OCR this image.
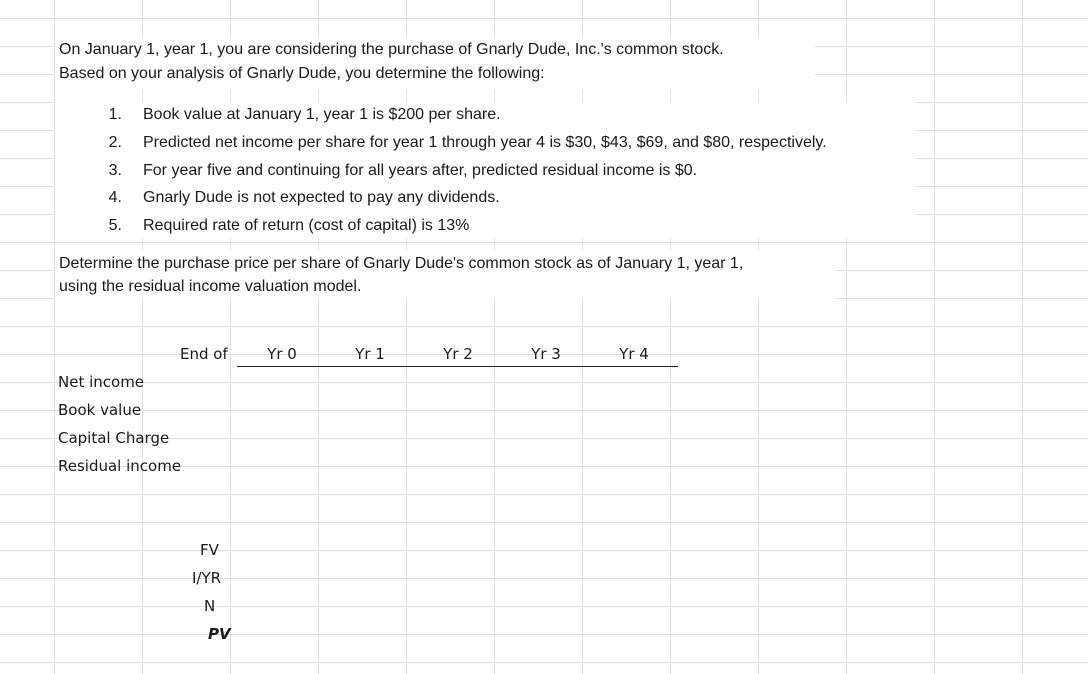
On January 1, year 1, you are considering the purchase of Gnarly Dude, Inc.'s common stock.
Based on your analysis of Gnarly Dude, you determine the following:
1. Book value at January 1, year 1 is $200 per share.
2. Predicted net income per share for year 1 through year 4 is $30, $43, $69, and $80, respectively.
3. For year five and continuing for all years after, predicted residual income is $0.
4. Gnarly Dude is not expected to pay any dividends.
5. Required rate of return (cost of capital) is 13%
Determine the purchase price per share of Gnarly Dude's common stock as of January 1, year 1,
using the residual income valuation model.
End of	Yr 0	Yr 1	Yr 2	Yr 3	Yr 4
Net income
Book value
Capital Charge
Residual income
FV
I/YR
N
PV
